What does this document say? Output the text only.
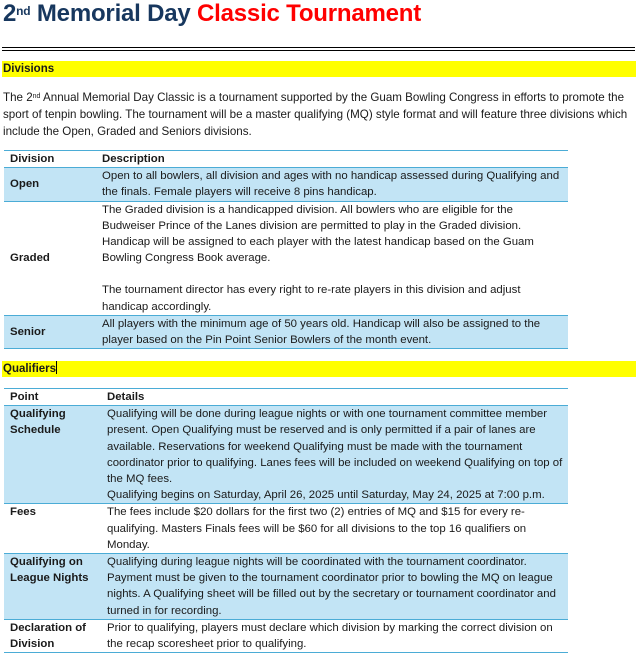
2nd Memorial Day Classic Tournament
Divisions

The 2nd Annual Memorial Day Classic is a tournament supported by the Guam Bowling Congress in efforts to promote the sport of tenpin bowling. The tournament will be a master qualifying (MQ) style format and will feature three divisions which include the Open, Graded and Seniors divisions.

Division	Description
Open	Open to all bowlers, all division and ages with no handicap assessed during Qualifying and the finals. Female players will receive 8 pins handicap.
Graded	The Graded division is a handicapped division. All bowlers who are eligible for the Budweiser Prince of the Lanes division are permitted to play in the Graded division. Handicap will be assigned to each player with the latest handicap based on the Guam Bowling Congress Book average.
The tournament director has every right to re-rate players in this division and adjust handicap accordingly.
Senior	All players with the minimum age of 50 years old. Handicap will also be assigned to the player based on the Pin Point Senior Bowlers of the month event.
Qualifiers
Point	Details
Qualifying Schedule	Qualifying will be done during league nights or with one tournament committee member present. Open Qualifying must be reserved and is only permitted if a pair of lanes are available. Reservations for weekend Qualifying must be made with the tournament coordinator prior to qualifying. Lanes fees will be included on weekend Qualifying on top of the MQ fees.
Qualifying begins on Saturday, April 26, 2025 until Saturday, May 24, 2025 at 7:00 p.m.
Fees	The fees include $20 dollars for the first two (2) entries of MQ and $15 for every re-qualifying. Masters Finals fees will be $60 for all divisions to the top 16 qualifiers on Monday.
Qualifying on League Nights	Qualifying during league nights will be coordinated with the tournament coordinator. Payment must be given to the tournament coordinator prior to bowling the MQ on league nights. A Qualifying sheet will be filled out by the secretary or tournament coordinator and turned in for recording.
Declaration of Division	Prior to qualifying, players must declare which division by marking the correct division on the recap scoresheet prior to qualifying.
